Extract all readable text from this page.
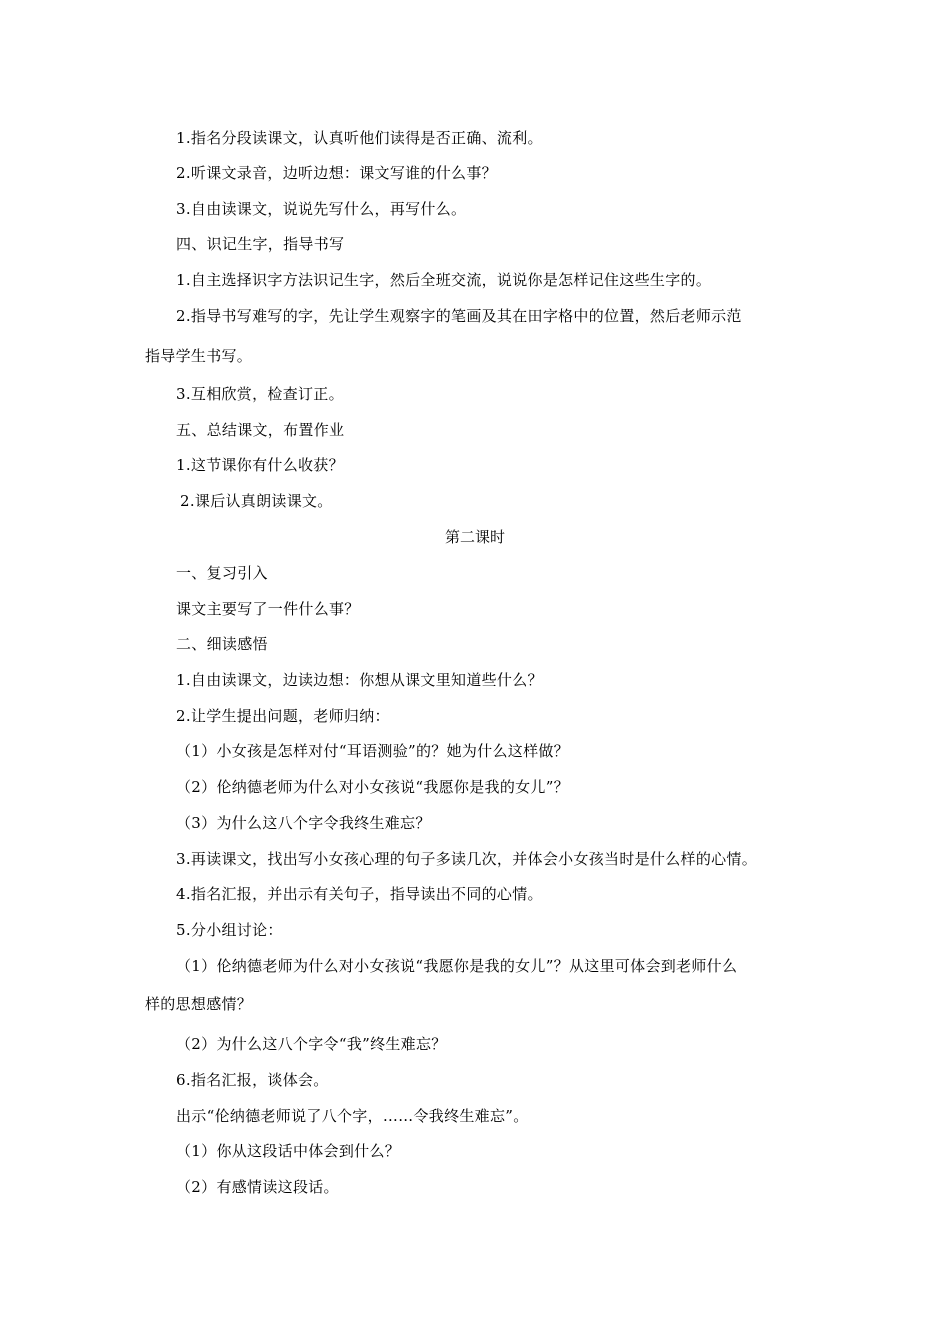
1.指名分段读课文，认真听他们读得是否正确、流利。
2.听课文录音，边听边想：课文写谁的什么事？
3.自由读课文，说说先写什么，再写什么。
四、识记生字，指导书写
1.自主选择识字方法识记生字，然后全班交流，说说你是怎样记住这些生字的。
2.指导书写难写的字，先让学生观察字的笔画及其在田字格中的位置，然后老师示范
指导学生书写。
3.互相欣赏，检查订正。
五、总结课文，布置作业
1.这节课你有什么收获？
2.课后认真朗读课文。
第二课时
一、复习引入
课文主要写了一件什么事？
二、细读感悟
1.自由读课文，边读边想：你想从课文里知道些什么？
2.让学生提出问题，老师归纳：
（1）小女孩是怎样对付“耳语测验”的？她为什么这样做？
（2）伦纳德老师为什么对小女孩说“我愿你是我的女儿”？
（3）为什么这八个字令我终生难忘？
3.再读课文，找出写小女孩心理的句子多读几次，并体会小女孩当时是什么样的心情。
4.指名汇报，并出示有关句子，指导读出不同的心情。
5.分小组讨论：
（1）伦纳德老师为什么对小女孩说“我愿你是我的女儿”？从这里可体会到老师什么
样的思想感情？
（2）为什么这八个字令“我”终生难忘？
6.指名汇报，谈体会。
出示“伦纳德老师说了八个字，……令我终生难忘”。
（1）你从这段话中体会到什么？
（2）有感情读这段话。
